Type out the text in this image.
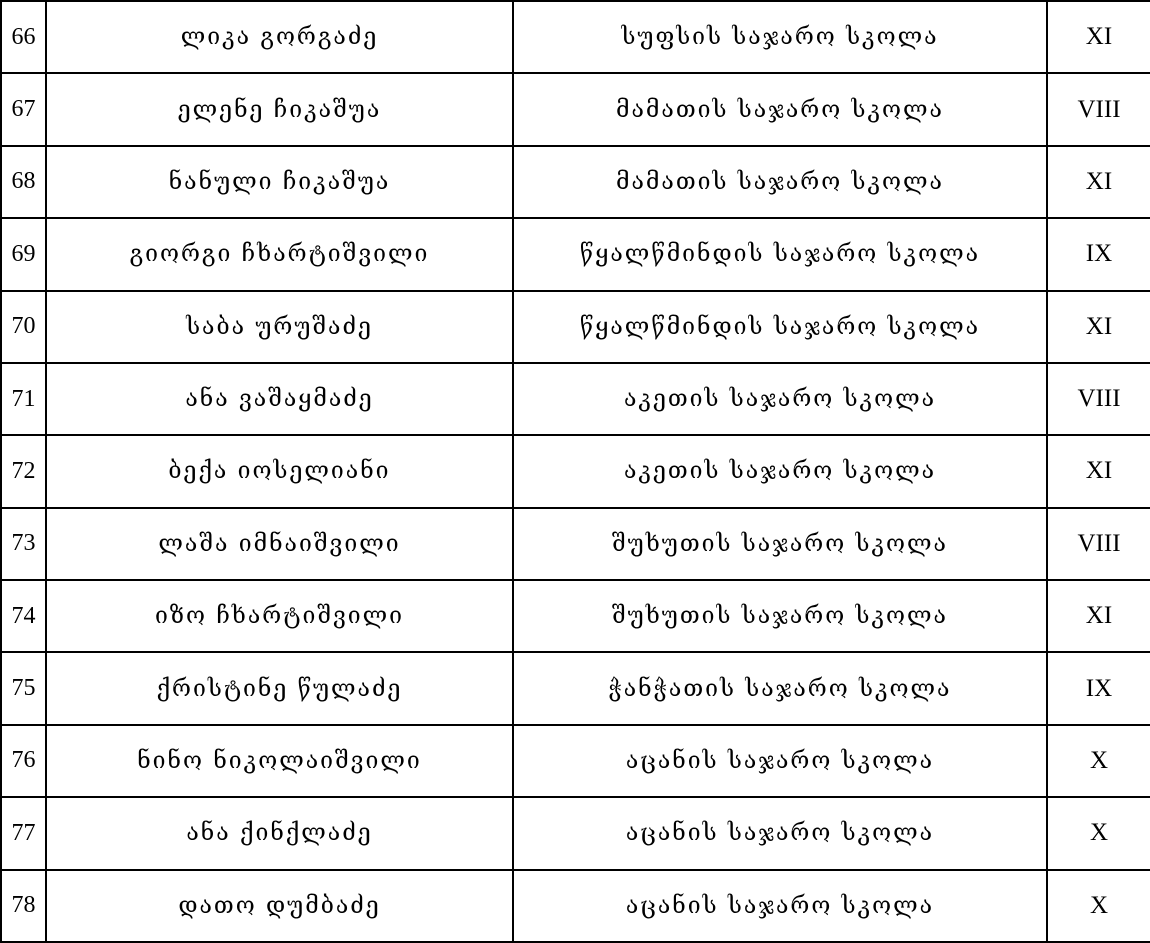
66	ლიკა გორგაძე	სუფსის საჯარო სკოლა	XI
67	ელენე ჩიკაშუა	მამათის საჯარო სკოლა	VIII
68	ნანული ჩიკაშუა	მამათის საჯარო სკოლა	XI
69	გიორგი ჩხარტიშვილი	წყალწმინდის საჯარო სკოლა	IX
70	საბა ურუშაძე	წყალწმინდის საჯარო სკოლა	XI
71	ანა ვაშაყმაძე	აკეთის საჯარო სკოლა	VIII
72	ბექა იოსელიანი	აკეთის საჯარო სკოლა	XI
73	ლაშა იმნაიშვილი	შუხუთის საჯარო სკოლა	VIII
74	იზო ჩხარტიშვილი	შუხუთის საჯარო სკოლა	XI
75	ქრისტინე წულაძე	ჭანჭათის საჯარო სკოლა	IX
76	ნინო ნიკოლაიშვილი	აცანის საჯარო სკოლა	X
77	ანა ქინქლაძე	აცანის საჯარო სკოლა	X
78	დათო დუმბაძე	აცანის საჯარო სკოლა	X
